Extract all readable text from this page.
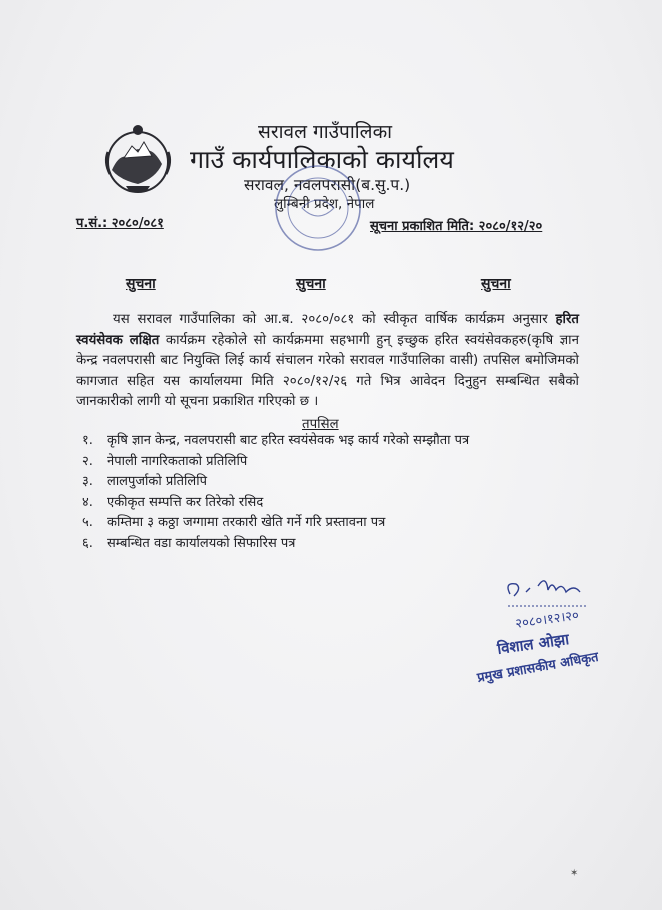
सरावल गाउँपालिका
गाउँ कार्यपालिकाको कार्यालय
सरावल, नवलपरासी(ब.सु.प.)
लुम्बिनी प्रदेश, नेपाल
प.सं.: २०८०/०८१	सूचना प्रकाशित मिति: २०८०/१२/२०
सुचना	सुचना	सुचना
यस सरावल गाउँपालिका को आ.ब. २०८०/०८१ को स्वीकृत वार्षिक कार्यक्रम अनुसार हरित स्वयंसेवक लक्षित कार्यक्रम रहेकोले सो कार्यक्रममा सहभागी हुन् इच्छुक हरित स्वयंसेवकहरु(कृषि ज्ञान केन्द्र नवलपरासी बाट नियुक्ति लिई कार्य संचालन गरेको सरावल गाउँपालिका वासी) तपसिल बमोजिमको कागजात सहित यस कार्यालयमा मिति २०८०/१२/२६ गते भित्र आवेदन दिनुहुन सम्बन्धित सबैको जानकारीको लागी यो सूचना प्रकाशित गरिएको छ ।
तपसिल
१. कृषि ज्ञान केन्द्र, नवलपरासी बाट हरित स्वयंसेवक भइ कार्य गरेको सम्झौता पत्र
२. नेपाली नागरिकताको प्रतिलिपि
३. लालपुर्जाको प्रतिलिपि
४. एकीकृत सम्पत्ति कर तिरेको रसिद
५. कम्तिमा ३ कठ्ठा जग्गामा तरकारी खेति गर्ने गरि प्रस्तावना पत्र
६. सम्बन्धित वडा कार्यालयको सिफारिस पत्र
२०८०।१२।२०
विशाल ओझा
प्रमुख प्रशासकीय अधिकृत
✶
